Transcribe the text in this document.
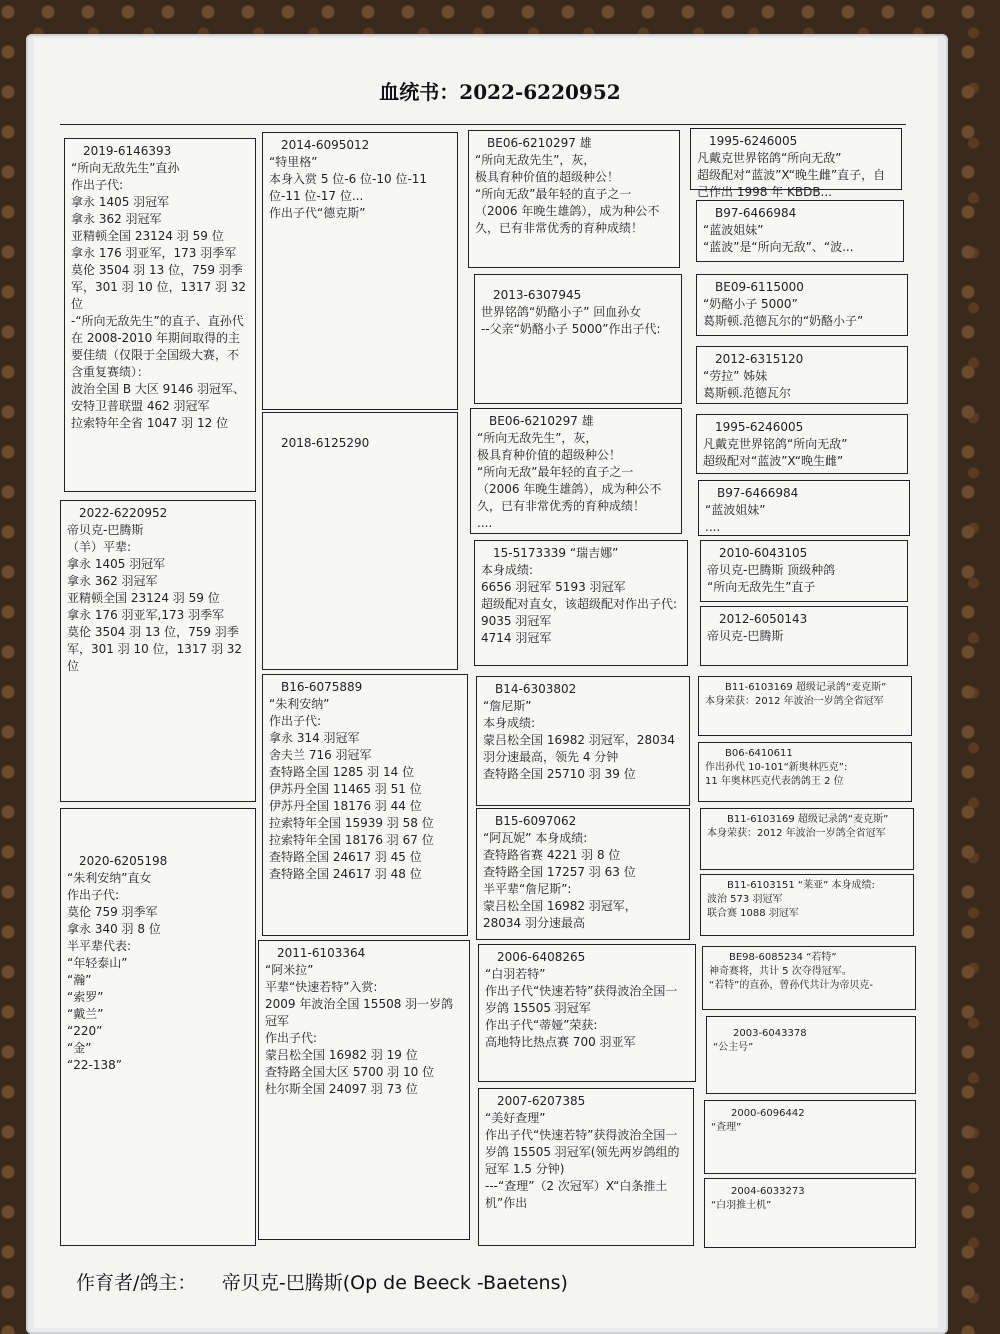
血统书：2022-6220952
2019-6146393
“所向无敌先生”直孙
作出子代:
拿永 1405 羽冠军
拿永 362 羽冠军
亚精顿全国 23124 羽 59 位
拿永 176 羽亚军，173 羽季军
莫伦 3504 羽 13 位，759 羽季军，301 羽 10 位，1317 羽 32 位
-“所向无敌先生”的直子、直孙代在 2008-2010 年期间取得的主要佳绩（仅限于全国级大赛，不含重复赛绩）：
波治全国 B 大区 9146 羽冠军、安特卫普联盟 462 羽冠军
拉索特年全省 1047 羽 12 位
2022-6220952
帝贝克-巴腾斯
（羊）平辈:
拿永 1405 羽冠军
拿永 362 羽冠军
亚精顿全国 23124 羽 59 位
拿永 176 羽亚军,173 羽季军
莫伦 3504 羽 13 位，759 羽季军，301 羽 10 位，1317 羽 32 位
2020-6205198
“朱利安纳”直女
作出子代:
莫伦 759 羽季军
拿永 340 羽 8 位
半平辈代表:
“年轻泰山”
“瀚”
“索罗”
“戴兰”
“220”
“金”
“22-138”
2014-6095012
“特里格”
本身入赏 5 位-6 位-10 位-11 位-11 位-17 位...
作出子代“德克斯”
2018-6125290
B16-6075889
“朱利安纳”
作出子代:
拿永 314 羽冠军
舍夫兰 716 羽冠军
查特路全国 1285 羽 14 位
伊苏丹全国 11465 羽 51 位
伊苏丹全国 18176 羽 44 位
拉索特年全国 15939 羽 58 位
拉索特年全国 18176 羽 67 位
查特路全国 24617 羽 45 位
查特路全国 24617 羽 48 位
2011-6103364
“阿米拉”
平辈“快速若特”入赏:
2009 年波治全国 15508 羽一岁鸽冠军
作出子代:
蒙吕松全国 16982 羽 19 位
查特路全国大区 5700 羽 10 位
杜尔斯全国 24097 羽 73 位
BE06-6210297 雄
“所向无敌先生”，灰，
极具育种价值的超级种公！
“所向无敌”最年轻的直子之一（2006 年晚生雄鸽），成为种公不久，已有非常优秀的育种成绩！
2013-6307945
世界铭鸽“奶酪小子” 回血孙女
--父亲“奶酪小子 5000”作出子代:
BE06-6210297 雄
“所向无敌先生”，灰，
极具育种价值的超级种公！
“所向无敌”最年轻的直子之一（2006 年晚生雄鸽），成为种公不久，已有非常优秀的育种成绩！
....
15-5173339 “瑞吉娜”
本身成绩:
6656 羽冠军 5193 羽冠军
超级配对直女，该超级配对作出子代:
9035 羽冠军
4714 羽冠军
B14-6303802
“詹尼斯”
本身成绩:
蒙吕松全国 16982 羽冠军，28034 羽分速最高，领先 4 分钟
查特路全国 25710 羽 39 位
B15-6097062
“阿瓦妮” 本身成绩:
查特路省赛 4221 羽 8 位
查特路全国 17257 羽 63 位
半平辈“詹尼斯”:
蒙吕松全国 16982 羽冠军，
28034 羽分速最高
2006-6408265
“白羽若特”
作出子代“快速若特”获得波治全国一岁鸽 15505 羽冠军
作出子代“蒂娅”荣获:
高地特比热点赛 700 羽亚军
2007-6207385
“美好查理”
作出子代“快速若特”获得波治全国一岁鸽 15505 羽冠军(领先两岁鸽组的冠军 1.5 分钟)
---“查理”（2 次冠军）X“白条推土机”作出
1995-6246005
凡戴克世界铭鸽“所向无敌”
超级配对“蓝波”X“晚生雌”直子，自己作出 1998 年 KBDB...
B97-6466984
“蓝波姐妹”
“蓝波”是“所向无敌”、“波...
BE09-6115000
“奶酪小子 5000”
葛斯顿.范德瓦尔的“奶酪小子”
2012-6315120
“劳拉” 姊妹
葛斯顿.范德瓦尔
1995-6246005
凡戴克世界铭鸽“所向无敌”
超级配对“蓝波”X“晚生雌”
B97-6466984
“蓝波姐妹”
....
2010-6043105
帝贝克-巴腾斯 顶级种鸽
“所向无敌先生”直子
2012-6050143
帝贝克-巴腾斯
B11-6103169 超级记录鸽“麦克斯”
本身荣获：2012 年波治一岁鸽全省冠军
B06-6410611
作出孙代 10-101“新奥林匹克”:
11 年奥林匹克代表鸽鸽王 2 位
B11-6103169 超级记录鸽“麦克斯”
本身荣获：2012 年波治一岁鸽全省冠军
B11-6103151 “莱亚” 本身成绩:
波治 573 羽冠军
联合赛 1088 羽冠军
BE98-6085234 “若特”
神奇赛将，共计 5 次夺得冠军。
“若特”的直孙，曾孙代共计为帝贝克-
2003-6043378
“公主号”
2000-6096442
“查理”
2004-6033273
“白羽推土机”
作育者/鸽主： 帝贝克-巴腾斯(Op de Beeck -Baetens)
